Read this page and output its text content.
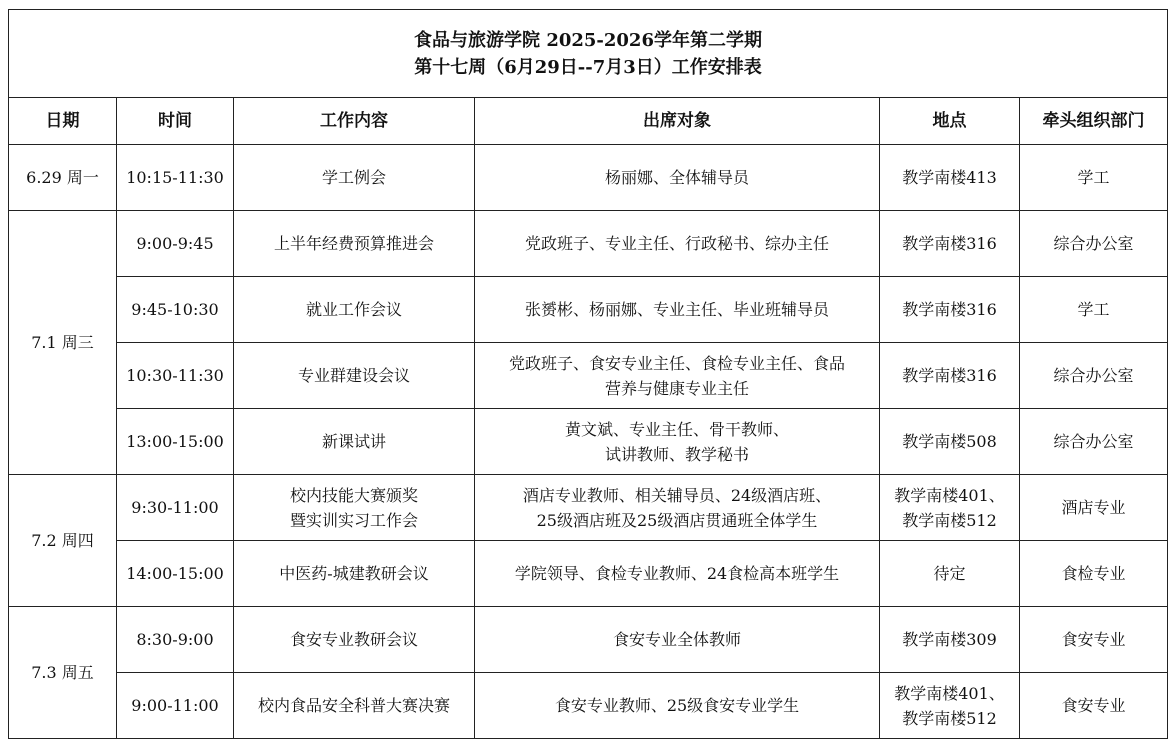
食品与旅游学院 2025-2026学年第二学期
第十七周（6月29日--7月3日）工作安排表					

日期	时间	工作内容	出席对象	地点	牵头组织部门
6.29 周一	10:15-11:30	学工例会	杨丽娜、全体辅导员	教学南楼413	学工
7.1 周三	9:00-9:45	上半年经费预算推进会	党政班子、专业主任、行政秘书、综办主任	教学南楼316	综合办公室
	9:45-10:30	就业工作会议	张赟彬、杨丽娜、专业主任、毕业班辅导员	教学南楼316	学工
	10:30-11:30	专业群建设会议	党政班子、食安专业主任、食检专业主任、食品
营养与健康专业主任	教学南楼316	综合办公室
	13:00-15:00	新课试讲	黄文斌、专业主任、骨干教师、
试讲教师、教学秘书	教学南楼508	综合办公室
7.2 周四	9:30-11:00	校内技能大赛颁奖
暨实训实习工作会	酒店专业教师、相关辅导员、24级酒店班、
25级酒店班及25级酒店贯通班全体学生	教学南楼401、
教学南楼512	酒店专业
	14:00-15:00	中医药-城建教研会议	学院领导、食检专业教师、24食检高本班学生	待定	食检专业
7.3 周五	8:30-9:00	食安专业教研会议	食安专业全体教师	教学南楼309	食安专业
	9:00-11:00	校内食品安全科普大赛决赛	食安专业教师、25级食安专业学生	教学南楼401、
教学南楼512	食安专业
